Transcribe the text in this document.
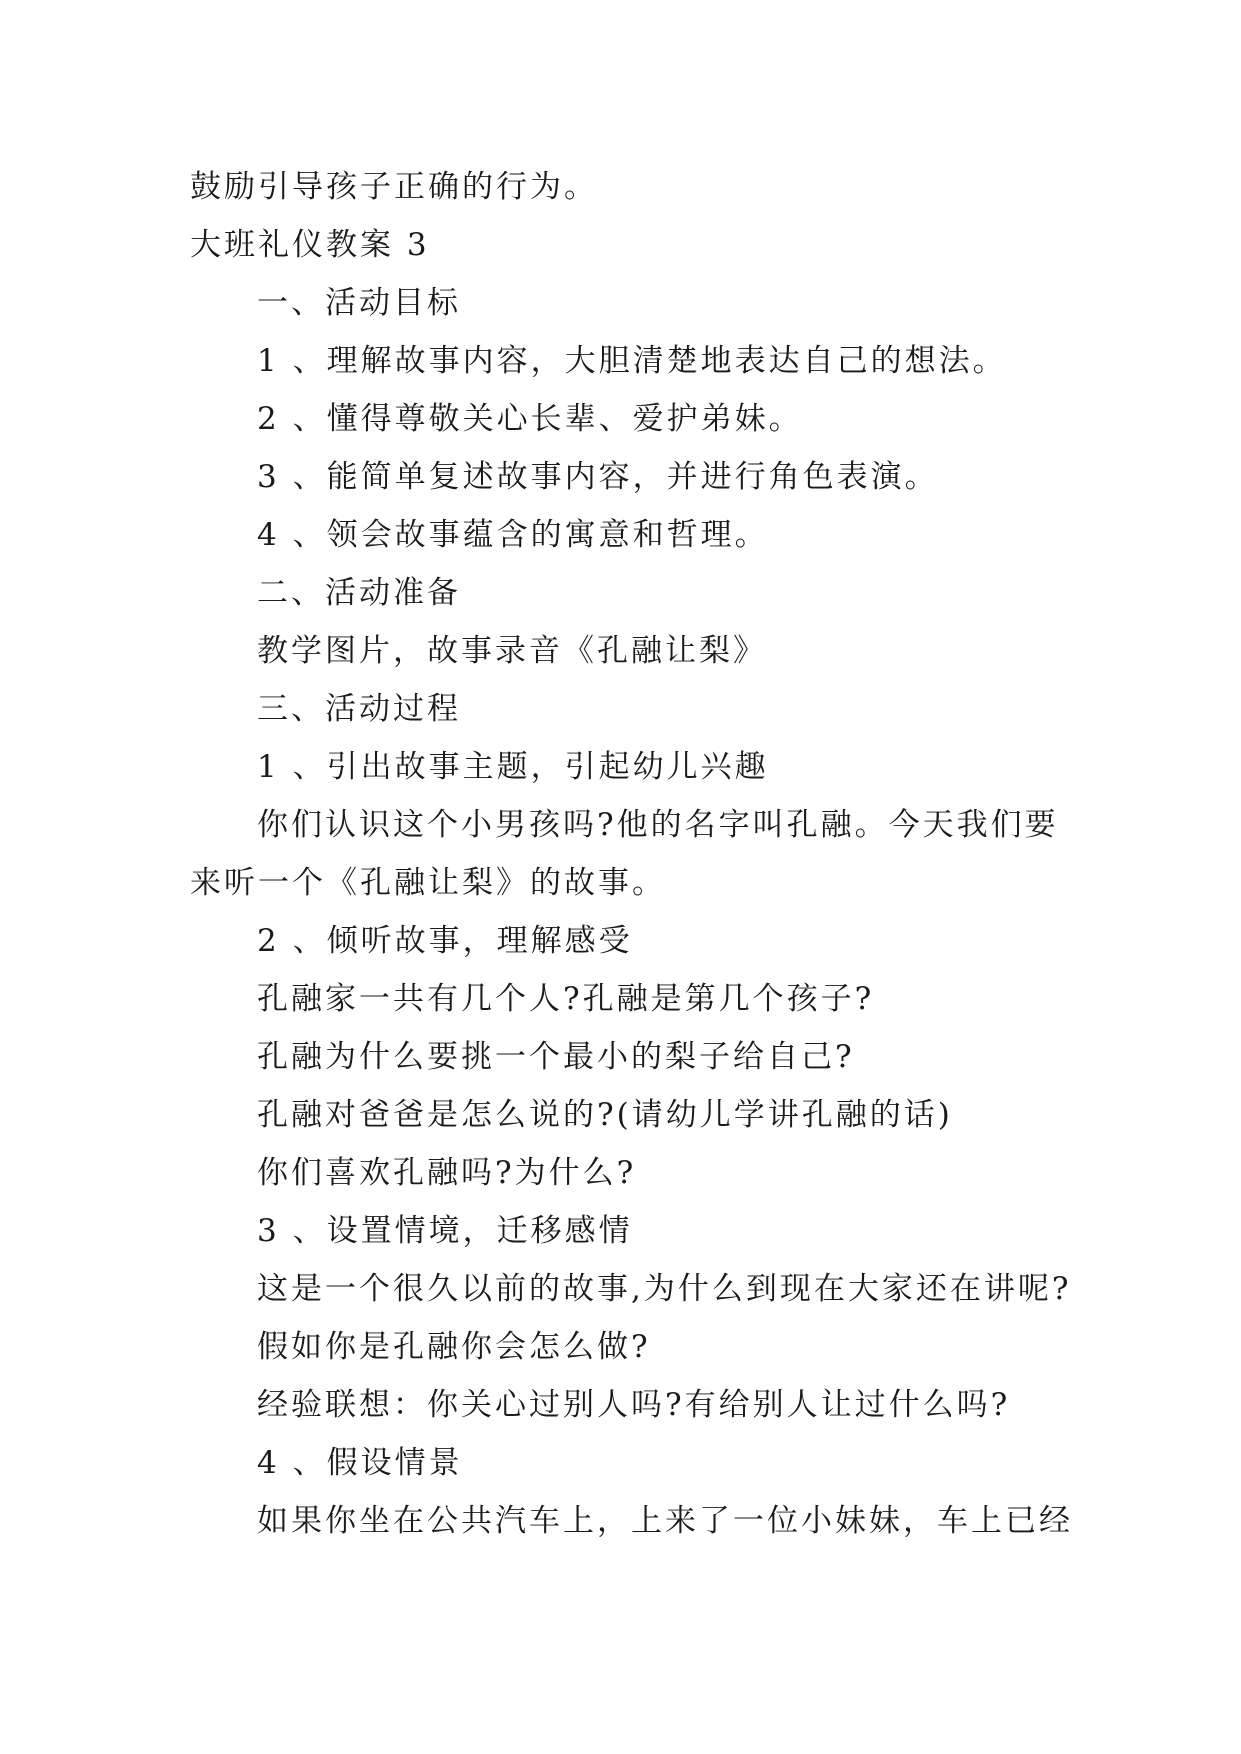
鼓励引导孩子正确的行为。
大班礼仪教案 3
一、活动目标
1 、理解故事内容，大胆清楚地表达自己的想法。
2 、懂得尊敬关心长辈、爱护弟妹。
3 、能简单复述故事内容，并进行角色表演。
4 、领会故事蕴含的寓意和哲理。
二、活动准备
教学图片，故事录音《孔融让梨》
三、活动过程
1 、引出故事主题，引起幼儿兴趣
你们认识这个小男孩吗?他的名字叫孔融。今天我们要
来听一个《孔融让梨》的故事。
2 、倾听故事，理解感受
孔融家一共有几个人?孔融是第几个孩子?
孔融为什么要挑一个最小的梨子给自己?
孔融对爸爸是怎么说的?(请幼儿学讲孔融的话)
你们喜欢孔融吗?为什么?
3 、设置情境，迁移感情
这是一个很久以前的故事,为什么到现在大家还在讲呢?
假如你是孔融你会怎么做?
经验联想：你关心过别人吗?有给别人让过什么吗?
4 、假设情景
如果你坐在公共汽车上，上来了一位小妹妹，车上已经
